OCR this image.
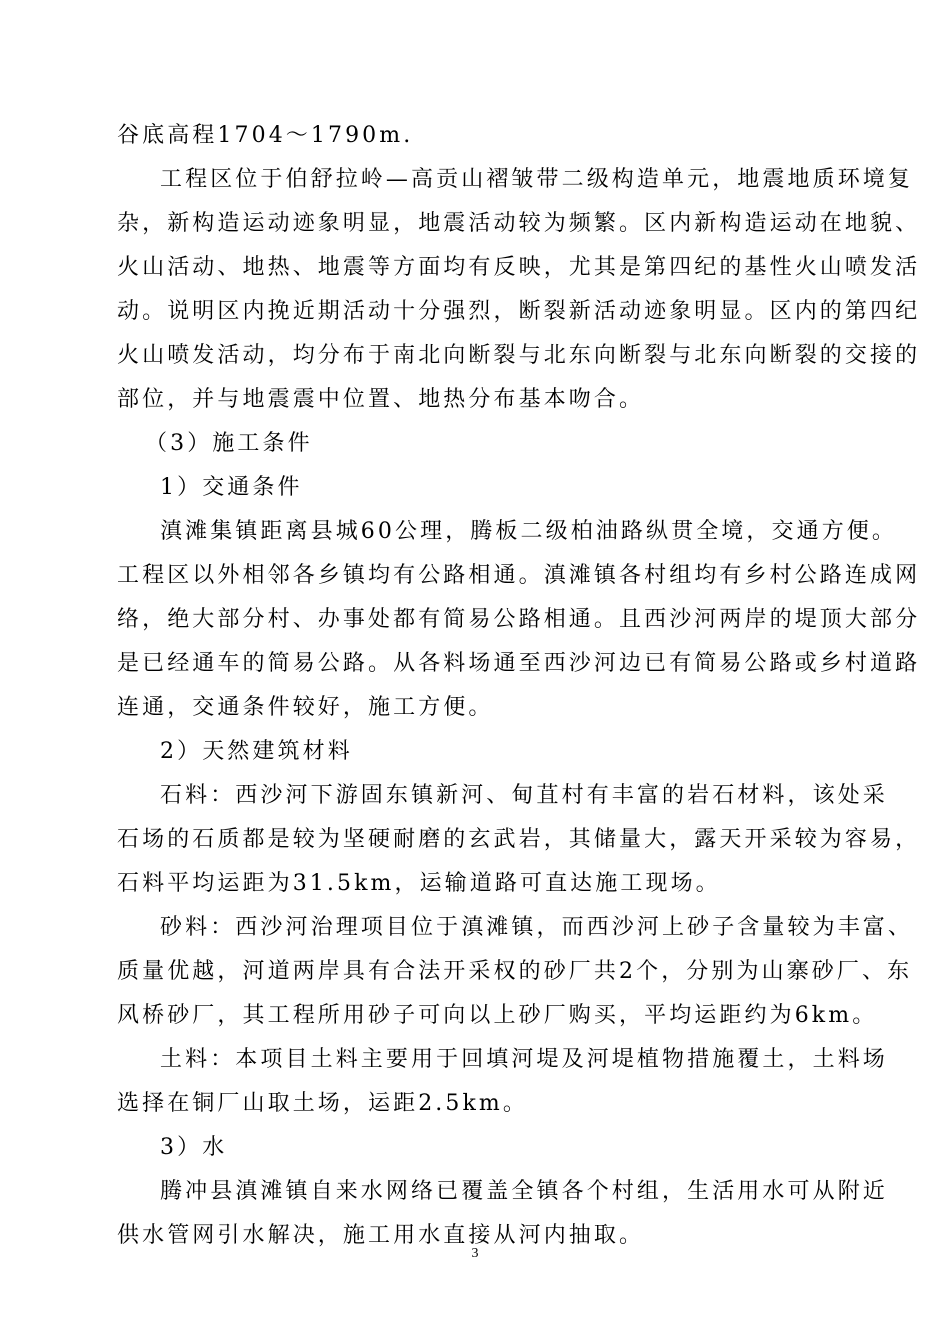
谷底高程1704～1790m.
工程区位于伯舒拉岭—高贡山褶皱带二级构造单元，地震地质环境复
杂，新构造运动迹象明显，地震活动较为频繁。区内新构造运动在地貌、
火山活动、地热、地震等方面均有反映，尤其是第四纪的基性火山喷发活
动。说明区内挽近期活动十分强烈，断裂新活动迹象明显。区内的第四纪
火山喷发活动，均分布于南北向断裂与北东向断裂与北东向断裂的交接的
部位，并与地震震中位置、地热分布基本吻合。
（3）施工条件
1）交通条件
滇滩集镇距离县城60公理，腾板二级柏油路纵贯全境，交通方便。
工程区以外相邻各乡镇均有公路相通。滇滩镇各村组均有乡村公路连成网
络，绝大部分村、办事处都有简易公路相通。且西沙河两岸的堤顶大部分
是已经通车的简易公路。从各料场通至西沙河边已有简易公路或乡村道路
连通，交通条件较好，施工方便。
2）天然建筑材料
石料：西沙河下游固东镇新河、甸苴村有丰富的岩石材料，该处采
石场的石质都是较为坚硬耐磨的玄武岩，其储量大，露天开采较为容易，
石料平均运距为31.5km，运输道路可直达施工现场。
砂料：西沙河治理项目位于滇滩镇，而西沙河上砂子含量较为丰富、
质量优越，河道两岸具有合法开采权的砂厂共2个，分别为山寨砂厂、东
风桥砂厂，其工程所用砂子可向以上砂厂购买，平均运距约为6km。
土料：本项目土料主要用于回填河堤及河堤植物措施覆土，土料场
选择在铜厂山取土场，运距2.5km。
3）水
腾冲县滇滩镇自来水网络已覆盖全镇各个村组，生活用水可从附近
供水管网引水解决，施工用水直接从河内抽取。
3
